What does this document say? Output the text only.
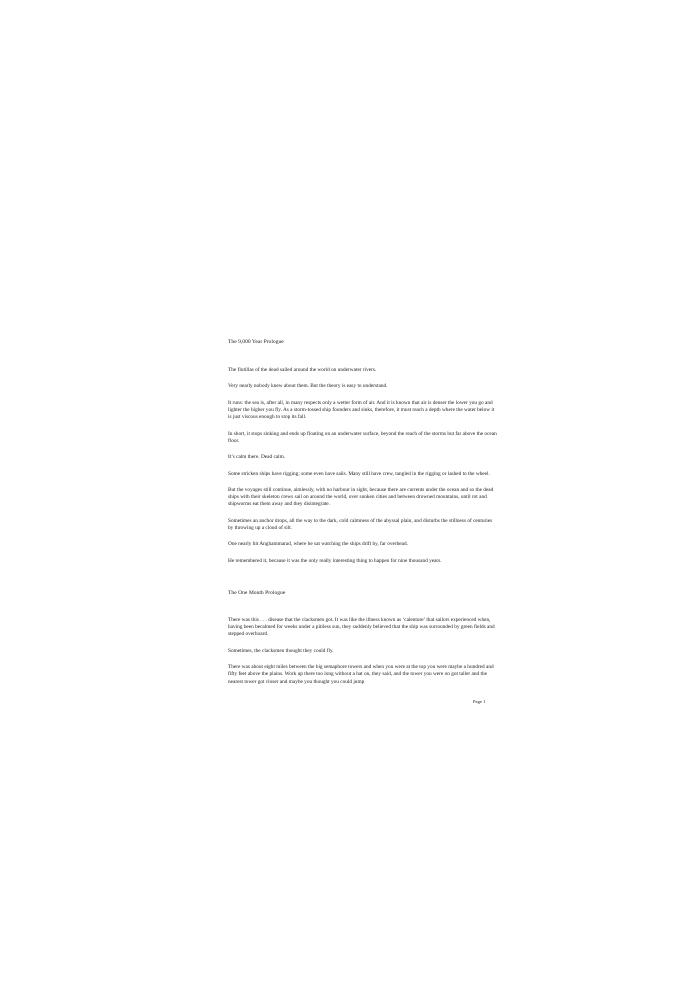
The 9,000 Year Prologue

The flotillas of the dead sailed around the world on underwater rivers.

Very nearly nobody knew about them. But the theory is easy to understand.

It runs: the sea is, after all, in many respects only a wetter form of air. And it is known that air is denser the lower you go and lighter the higher you fly. As a storm-tossed ship founders and sinks, therefore, it must reach a depth where the water below it is just viscous enough to stop its fall.

In short, it stops sinking and ends up floating on an underwater surface, beyond the reach of the storms but far above the ocean floor.

It’s calm there. Dead calm.

Some stricken ships have rigging; some even have sails. Many still have crew, tangled in the rigging or lashed to the wheel.

But the voyages still continue, aimlessly, with no harbour in sight, because there are currents under the ocean and so the dead ships with their skeleton crews sail on around the world, over sunken cities and between drowned mountains, until rot and shipworms eat them away and they disintegrate.

Sometimes an anchor drops, all the way to the dark, cold calmness of the abyssal plain, and disturbs the stillness of centuries by throwing up a cloud of silt.

One nearly hit Anghammarad, where he sat watching the ships drift by, far overhead.

He remembered it, because it was the only really interesting thing to happen for nine thousand years.

The One Month Prologue

There was this . . . disease that the clacksmen got. It was like the illness known as ‘calenture’ that sailors experienced when, having been becalmed for weeks under a pitiless sun, they suddenly believed that the ship was surrounded by green fields and stepped overboard.

Sometimes, the clacksmen thought they could fly.

There was about eight miles between the big semaphore towers and when you were at the top you were maybe a hundred and fifty feet above the plains. Work up there too long without a hat on, they said, and the tower you were on got taller and the nearest tower got closer and maybe you thought you could jump

Page 1
